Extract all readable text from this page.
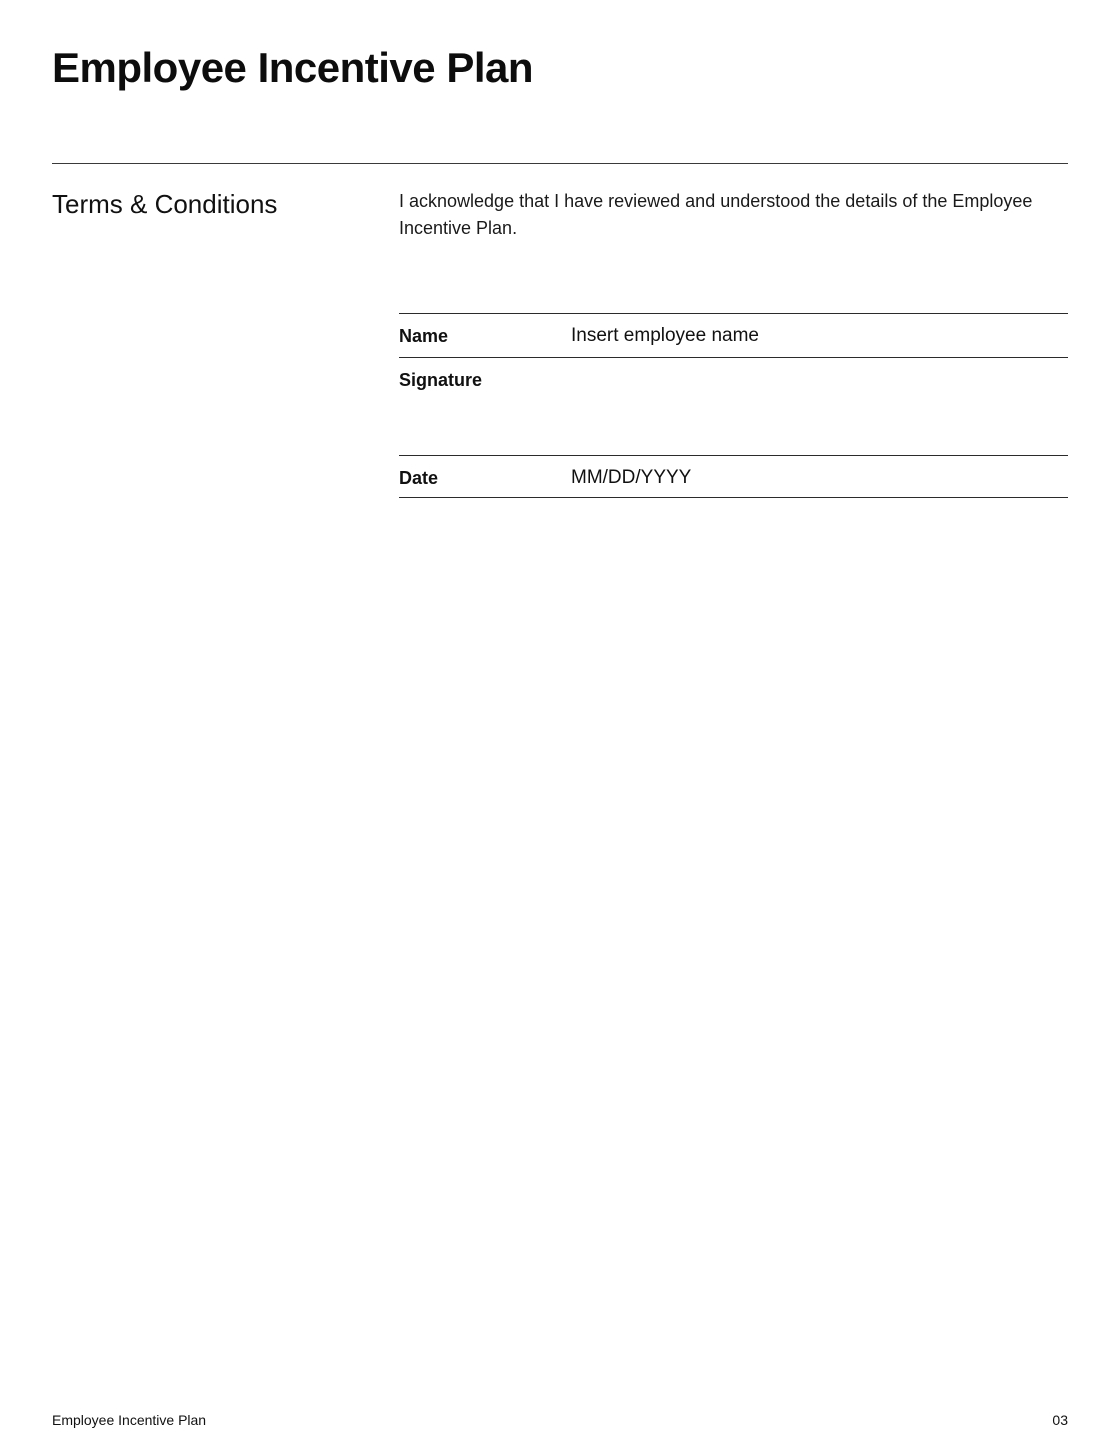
Employee Incentive Plan
Terms & Conditions	I acknowledge that I have reviewed and understood the details of the Employee Incentive Plan.

Name	Insert employee name
Signature
Date	MM/DD/YYYY
Employee Incentive Plan	03
